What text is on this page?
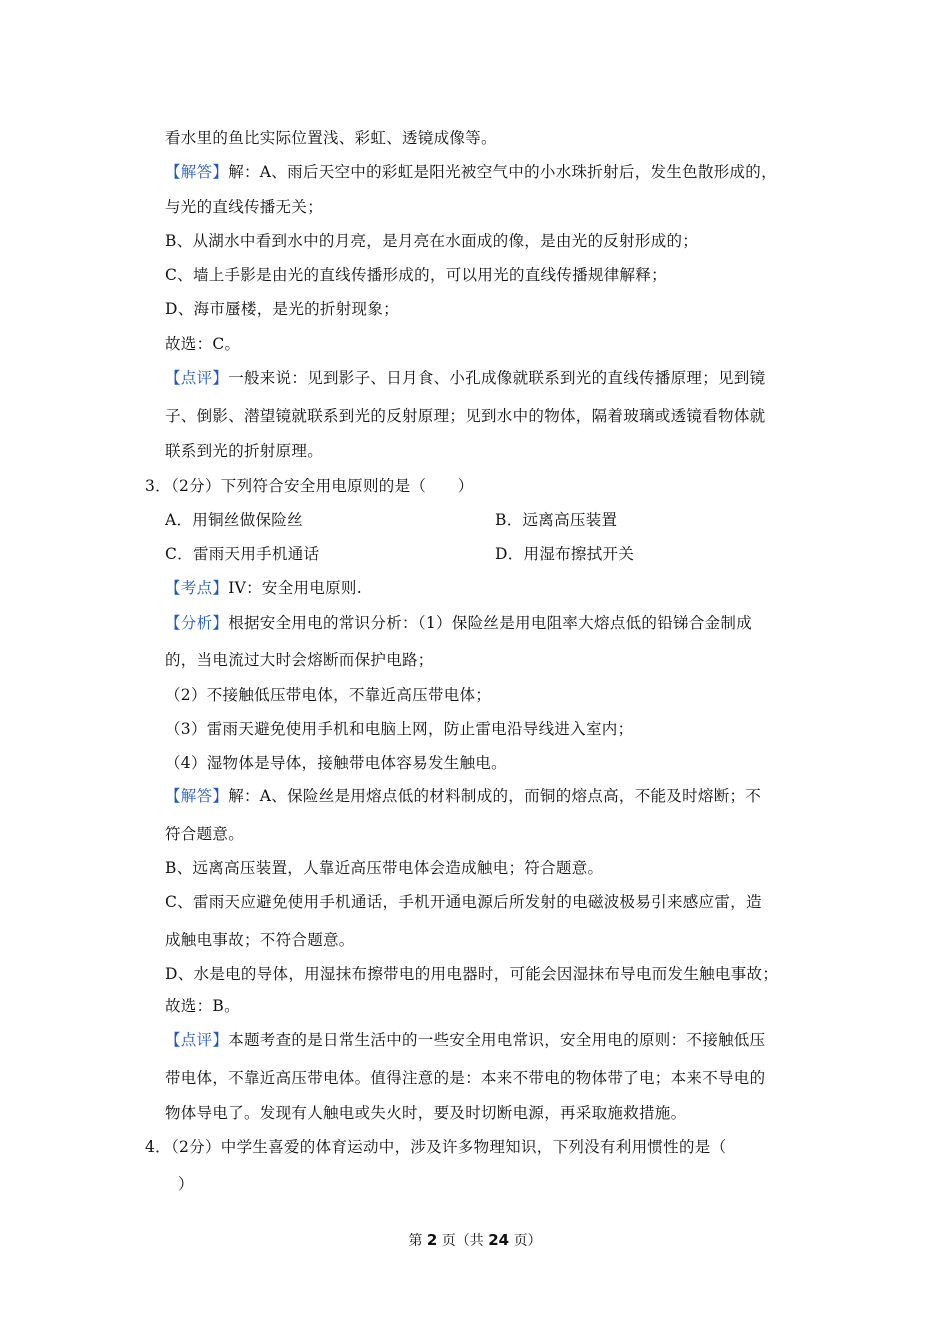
看水里的鱼比实际位置浅、彩虹、透镜成像等。
【解答】解：A、雨后天空中的彩虹是阳光被空气中的小水珠折射后，发生色散形成的，
与光的直线传播无关；
B、从湖水中看到水中的月亮，是月亮在水面成的像，是由光的反射形成的；
C、墙上手影是由光的直线传播形成的，可以用光的直线传播规律解释；
D、海市蜃楼，是光的折射现象；
故选：C。
【点评】一般来说：见到影子、日月食、小孔成像就联系到光的直线传播原理；见到镜
子、倒影、潜望镜就联系到光的反射原理；见到水中的物体，隔着玻璃或透镜看物体就
联系到光的折射原理。
3．（2分）下列符合安全用电原则的是（　　）
A．用铜丝做保险丝	B．远离高压装置
C．雷雨天用手机通话	D．用湿布擦拭开关
【考点】IV：安全用电原则.
【分析】根据安全用电的常识分析：（1）保险丝是用电阻率大熔点低的铅锑合金制成
的，当电流过大时会熔断而保护电路；
（2）不接触低压带电体，不靠近高压带电体；
（3）雷雨天避免使用手机和电脑上网，防止雷电沿导线进入室内；
（4）湿物体是导体，接触带电体容易发生触电。
【解答】解：A、保险丝是用熔点低的材料制成的，而铜的熔点高，不能及时熔断；不
符合题意。
B、远离高压装置，人靠近高压带电体会造成触电；符合题意。
C、雷雨天应避免使用手机通话，手机开通电源后所发射的电磁波极易引来感应雷，造
成触电事故；不符合题意。
D、水是电的导体，用湿抹布擦带电的用电器时，可能会因湿抹布导电而发生触电事故；
故选：B。
【点评】本题考查的是日常生活中的一些安全用电常识，安全用电的原则：不接触低压
带电体，不靠近高压带电体。值得注意的是：本来不带电的物体带了电；本来不导电的
物体导电了。发现有人触电或失火时，要及时切断电源，再采取施救措施。
4．（2分）中学生喜爱的体育运动中，涉及许多物理知识，下列没有利用惯性的是（
）
第 2 页（共 24 页）
